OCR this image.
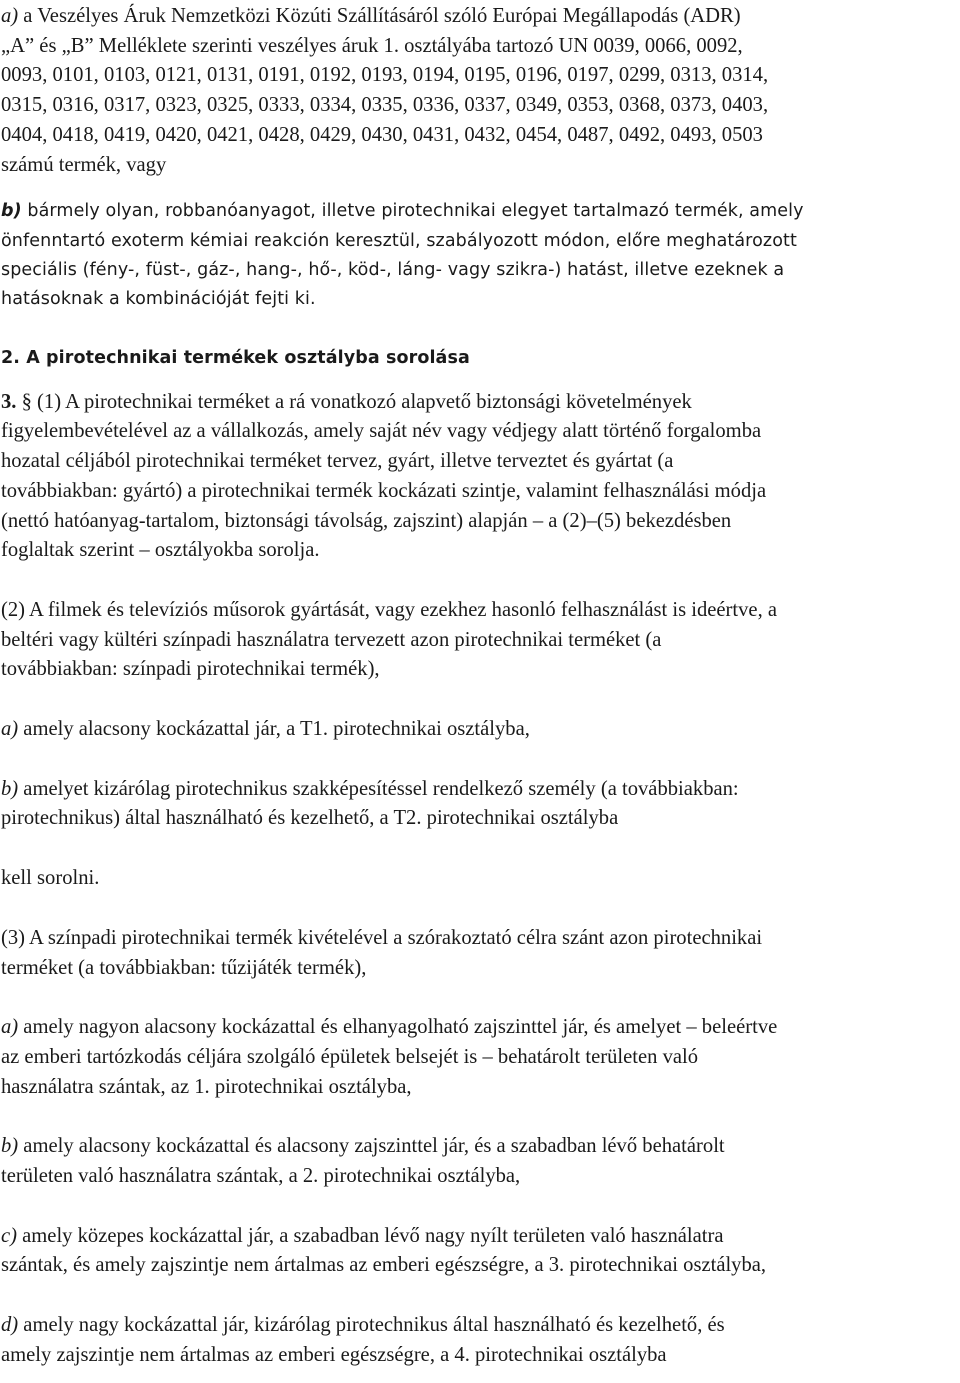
a) a Veszélyes Áruk Nemzetközi Közúti Szállításáról szóló Európai Megállapodás (ADR)
„A” és „B” Melléklete szerinti veszélyes áruk 1. osztályába tartozó UN 0039, 0066, 0092,
0093, 0101, 0103, 0121, 0131, 0191, 0192, 0193, 0194, 0195, 0196, 0197, 0299, 0313, 0314,
0315, 0316, 0317, 0323, 0325, 0333, 0334, 0335, 0336, 0337, 0349, 0353, 0368, 0373, 0403,
0404, 0418, 0419, 0420, 0421, 0428, 0429, 0430, 0431, 0432, 0454, 0487, 0492, 0493, 0503
számú termék, vagy

b) bármely olyan, robbanóanyagot, illetve pirotechnikai elegyet tartalmazó termék, amely
önfenntartó exoterm kémiai reakción keresztül, szabályozott módon, előre meghatározott
speciális (fény-, füst-, gáz-, hang-, hő-, köd-, láng- vagy szikra-) hatást, illetve ezeknek a
hatásoknak a kombinációját fejti ki.

2. A pirotechnikai termékek osztályba sorolása

3. § (1) A pirotechnikai terméket a rá vonatkozó alapvető biztonsági követelmények
figyelembevételével az a vállalkozás, amely saját név vagy védjegy alatt történő forgalomba
hozatal céljából pirotechnikai terméket tervez, gyárt, illetve terveztet és gyártat (a
továbbiakban: gyártó) a pirotechnikai termék kockázati szintje, valamint felhasználási módja
(nettó hatóanyag-tartalom, biztonsági távolság, zajszint) alapján – a (2)–(5) bekezdésben
foglaltak szerint – osztályokba sorolja.

(2) A filmek és televíziós műsorok gyártását, vagy ezekhez hasonló felhasználást is ideértve, a
beltéri vagy kültéri színpadi használatra tervezett azon pirotechnikai terméket (a
továbbiakban: színpadi pirotechnikai termék),

a) amely alacsony kockázattal jár, a T1. pirotechnikai osztályba,

b) amelyet kizárólag pirotechnikus szakképesítéssel rendelkező személy (a továbbiakban:
pirotechnikus) által használható és kezelhető, a T2. pirotechnikai osztályba

kell sorolni.

(3) A színpadi pirotechnikai termék kivételével a szórakoztató célra szánt azon pirotechnikai
terméket (a továbbiakban: tűzijáték termék),

a) amely nagyon alacsony kockázattal és elhanyagolható zajszinttel jár, és amelyet – beleértve
az emberi tartózkodás céljára szolgáló épületek belsejét is – behatárolt területen való
használatra szántak, az 1. pirotechnikai osztályba,

b) amely alacsony kockázattal és alacsony zajszinttel jár, és a szabadban lévő behatárolt
területen való használatra szántak, a 2. pirotechnikai osztályba,

c) amely közepes kockázattal jár, a szabadban lévő nagy nyílt területen való használatra
szántak, és amely zajszintje nem ártalmas az emberi egészségre, a 3. pirotechnikai osztályba,

d) amely nagy kockázattal jár, kizárólag pirotechnikus által használható és kezelhető, és
amely zajszintje nem ártalmas az emberi egészségre, a 4. pirotechnikai osztályba
